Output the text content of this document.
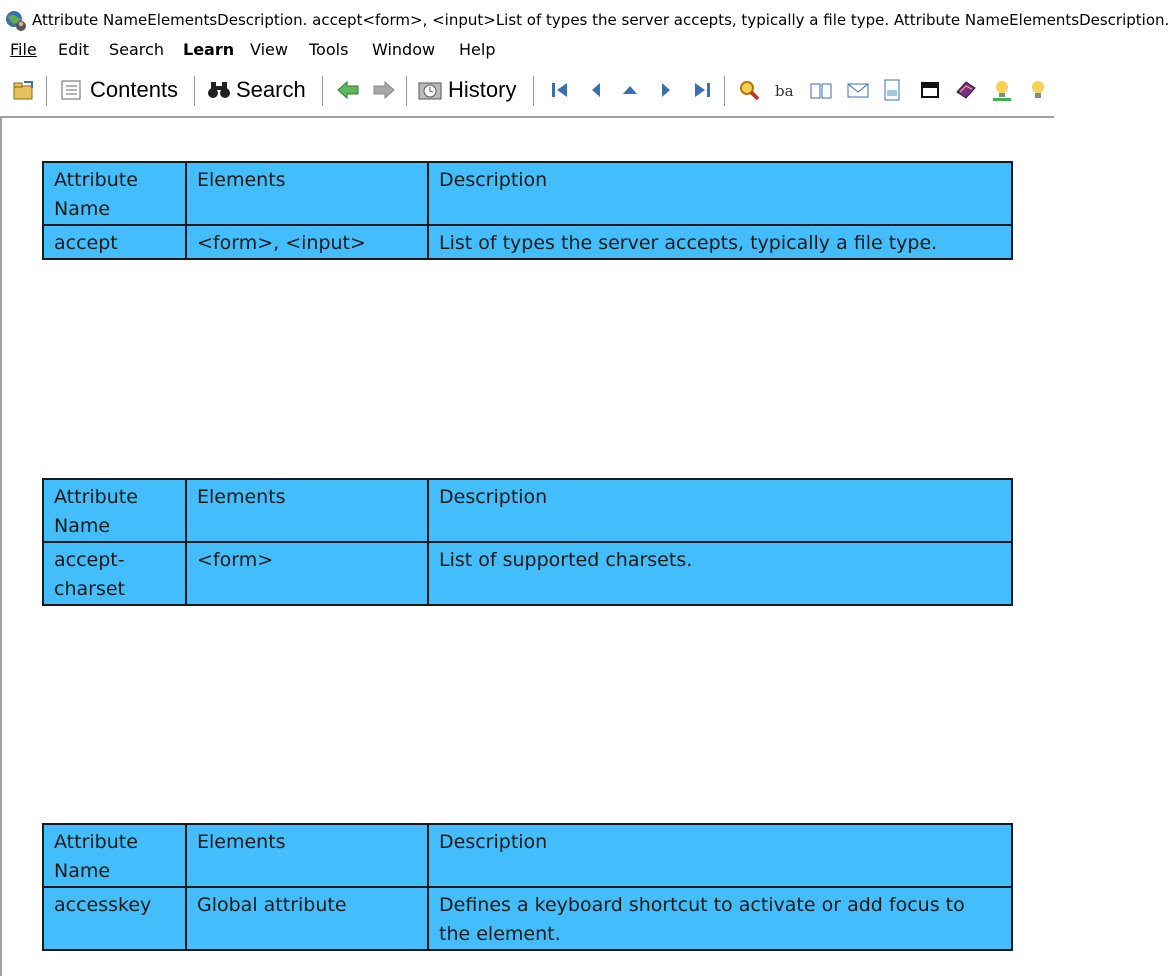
Attribute NameElementsDescription. accept<form>, <input>List of types the server accepts, typically a file type. Attribute NameElementsDescription.
File Edit Search Learn View Tools Window Help
Contents	Search	History	ba
Attribute Name	Elements	Description
accept	<form>, <input>	List of types the server accepts, typically a file type.
Attribute Name	Elements	Description
accept-charset	<form>	List of supported charsets.
Attribute Name	Elements	Description
accesskey	Global attribute	Defines a keyboard shortcut to activate or add focus to the element.
